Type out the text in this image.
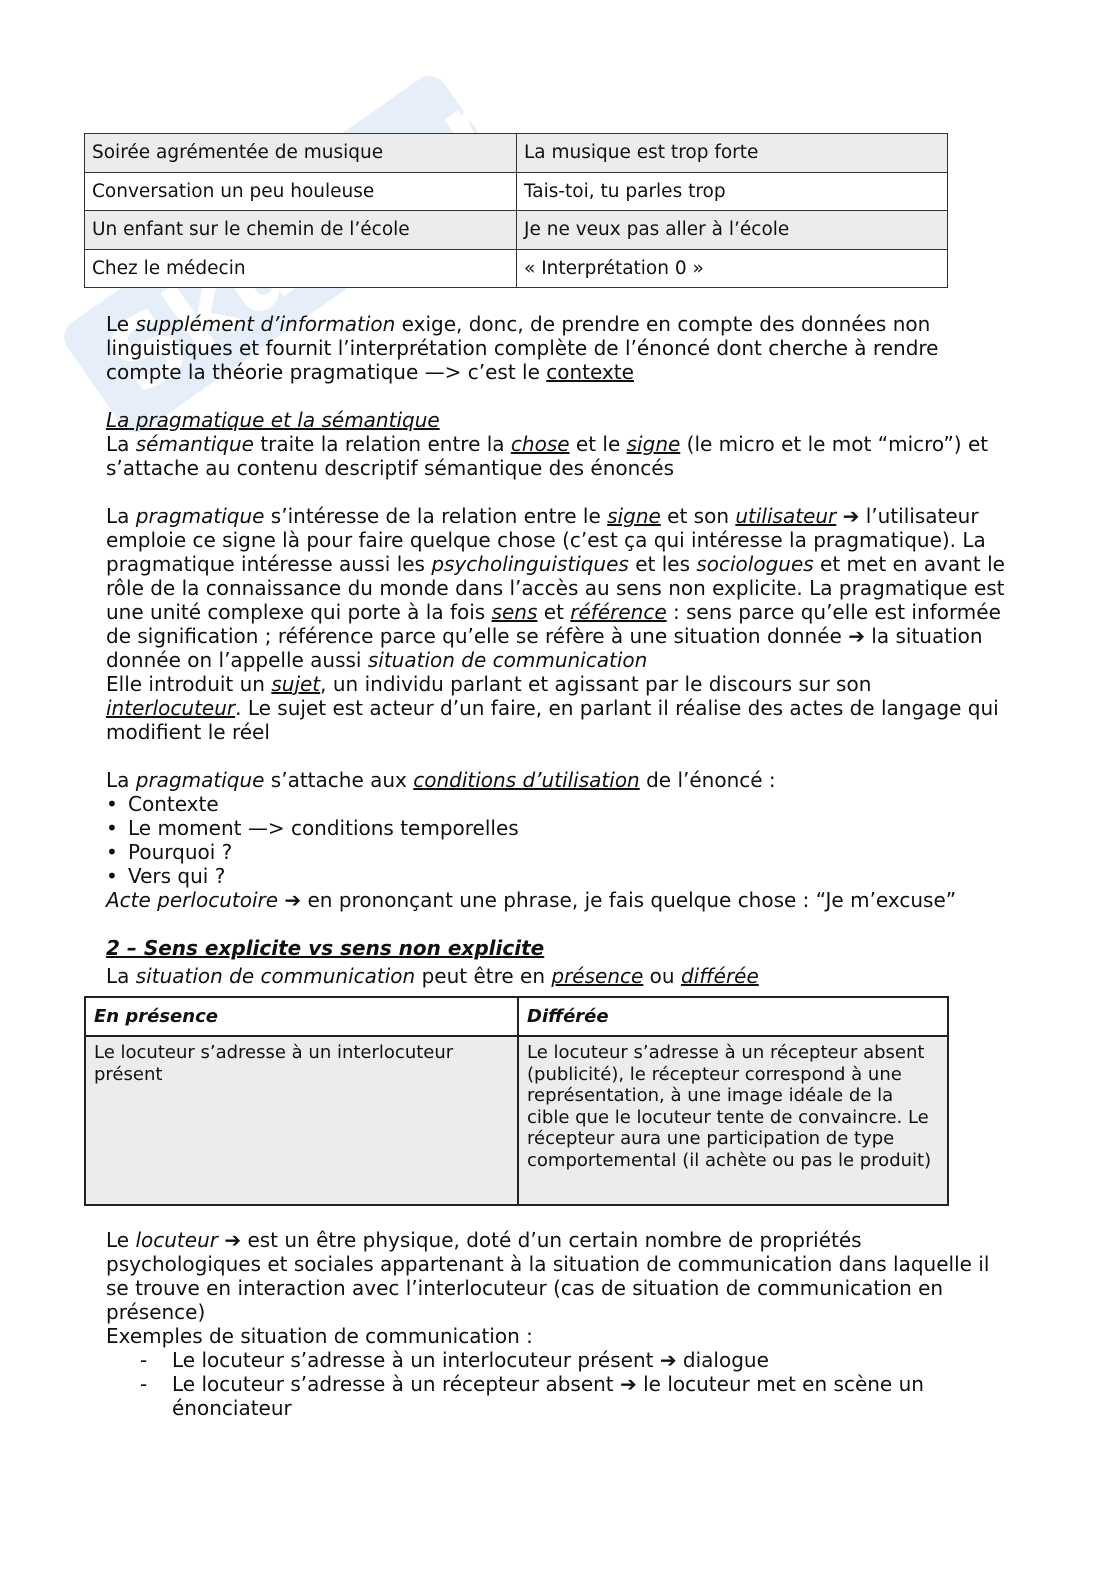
Soirée agrémentée de musique	La musique est trop forte
Conversation un peu houleuse	Tais-toi, tu parles trop
Un enfant sur le chemin de l’école	Je ne veux pas aller à l’école
Chez le médecin	« Interprétation 0 »

Le supplément d’information exige, donc, de prendre en compte des données non linguistiques et fournit l’interprétation complète de l’énoncé dont cherche à rendre compte la théorie pragmatique —> c’est le contexte

La pragmatique et la sémantique

La sémantique traite la relation entre la chose et le signe (le micro et le mot “micro”) et s’attache au contenu descriptif sémantique des énoncés

La pragmatique s’intéresse de la relation entre le signe et son utilisateur ➔ l’utilisateur emploie ce signe là pour faire quelque chose (c’est ça qui intéresse la pragmatique). La pragmatique intéresse aussi les psycholinguistiques et les sociologues et met en avant le rôle de la connaissance du monde dans l’accès au sens non explicite. La pragmatique est une unité complexe qui porte à la fois sens et référence : sens parce qu’elle est informée de signification ; référence parce qu’elle se réfère à une situation donnée ➔ la situation donnée on l’appelle aussi situation de communication

Elle introduit un sujet, un individu parlant et agissant par le discours sur son interlocuteur. Le sujet est acteur d’un faire, en parlant il réalise des actes de langage qui modifient le réel

La pragmatique s’attache aux conditions d’utilisation de l’énoncé :

• Contexte
• Le moment —> conditions temporelles
• Pourquoi ?
• Vers qui ?

Acte perlocutoire ➔ en prononçant une phrase, je fais quelque chose : “Je m’excuse”

2 – Sens explicite vs sens non explicite

La situation de communication peut être en présence ou différée

En présence	Différée
Le locuteur s’adresse à un interlocuteur présent	Le locuteur s’adresse à un récepteur absent (publicité), le récepteur correspond à une représentation, à une image idéale de la cible que le locuteur tente de convaincre. Le récepteur aura une participation de type comportemental (il achète ou pas le produit)

Le locuteur ➔ est un être physique, doté d’un certain nombre de propriétés psychologiques et sociales appartenant à la situation de communication dans laquelle il se trouve en interaction avec l’interlocuteur (cas de situation de communication en présence)

Exemples de situation de communication :

- Le locuteur s’adresse à un interlocuteur présent ➔ dialogue
- Le locuteur s’adresse à un récepteur absent ➔ le locuteur met en scène un énonciateur
